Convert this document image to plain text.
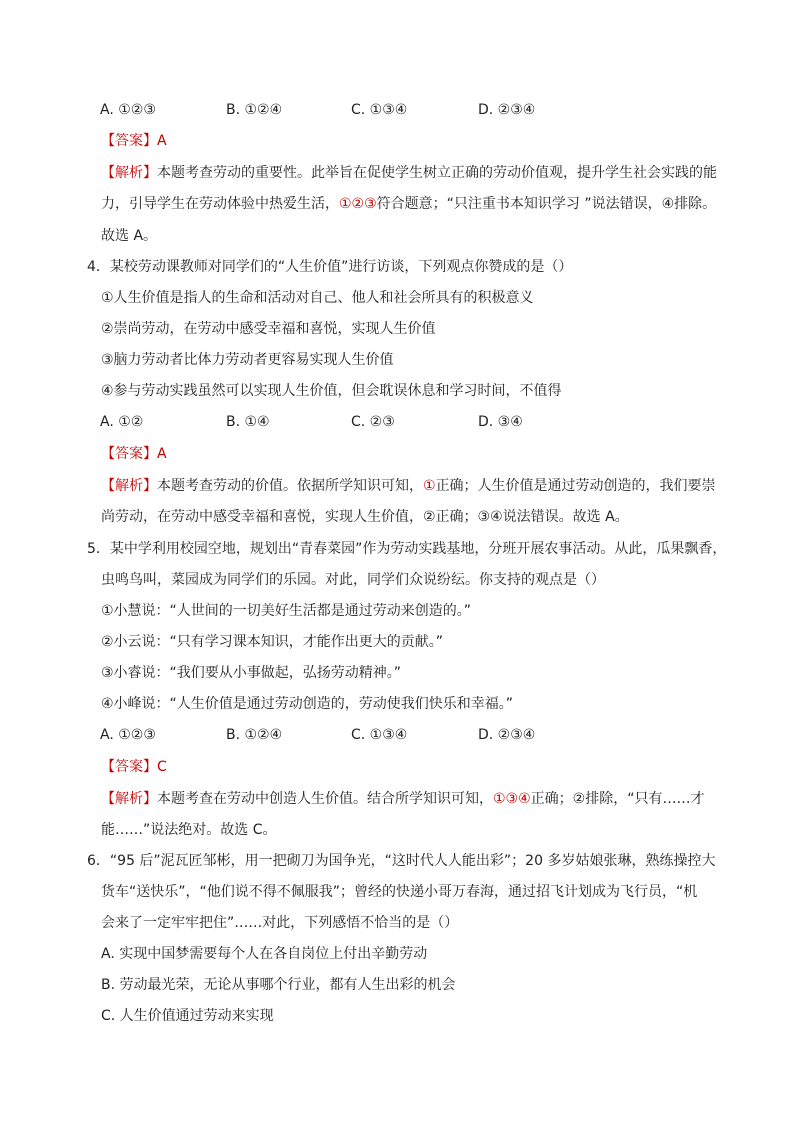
A. ①②③	B. ①②④	C. ①③④	D. ②③④
【答案】A
【解析】本题考查劳动的重要性。此举旨在促使学生树立正确的劳动价值观，提升学生社会实践的能
力，引导学生在劳动体验中热爱生活，①②③符合题意；“只注重书本知识学习 ”说法错误，④排除。
故选 A。
4．某校劳动课教师对同学们的“人生价值”进行访谈，下列观点你赞成的是（）
①人生价值是指人的生命和活动对自己、他人和社会所具有的积极意义
②崇尚劳动，在劳动中感受幸福和喜悦，实现人生价值
③脑力劳动者比体力劳动者更容易实现人生价值
④参与劳动实践虽然可以实现人生价值，但会耽误休息和学习时间，不值得
A. ①②	B. ①④	C. ②③	D. ③④
【答案】A
【解析】本题考查劳动的价值。依据所学知识可知，①正确；人生价值是通过劳动创造的，我们要崇
尚劳动，在劳动中感受幸福和喜悦，实现人生价值，②正确；③④说法错误。故选 A。
5．某中学利用校园空地，规划出“青春菜园”作为劳动实践基地，分班开展农事活动。从此，瓜果飘香，
虫鸣鸟叫，菜园成为同学们的乐园。对此，同学们众说纷纭。你支持的观点是（）
①小慧说：“人世间的一切美好生活都是通过劳动来创造的。”
②小云说：“只有学习课本知识，才能作出更大的贡献。”
③小睿说：“我们要从小事做起，弘扬劳动精神。”
④小峰说：“人生价值是通过劳动创造的，劳动使我们快乐和幸福。”
A. ①②③	B. ①②④	C. ①③④	D. ②③④
【答案】C
【解析】本题考查在劳动中创造人生价值。结合所学知识可知，①③④正确；②排除，“只有……才
能……”说法绝对。故选 C。
6．“95 后”泥瓦匠邹彬，用一把砌刀为国争光，“这时代人人能出彩”；20 多岁姑娘张琳，熟练操控大
货车“送快乐”，“他们说不得不佩服我”；曾经的快递小哥万春海，通过招飞计划成为飞行员，“机
会来了一定牢牢把住”……对此，下列感悟不恰当的是（）
A. 实现中国梦需要每个人在各自岗位上付出辛勤劳动
B. 劳动最光荣，无论从事哪个行业，都有人生出彩的机会
C. 人生价值通过劳动来实现
